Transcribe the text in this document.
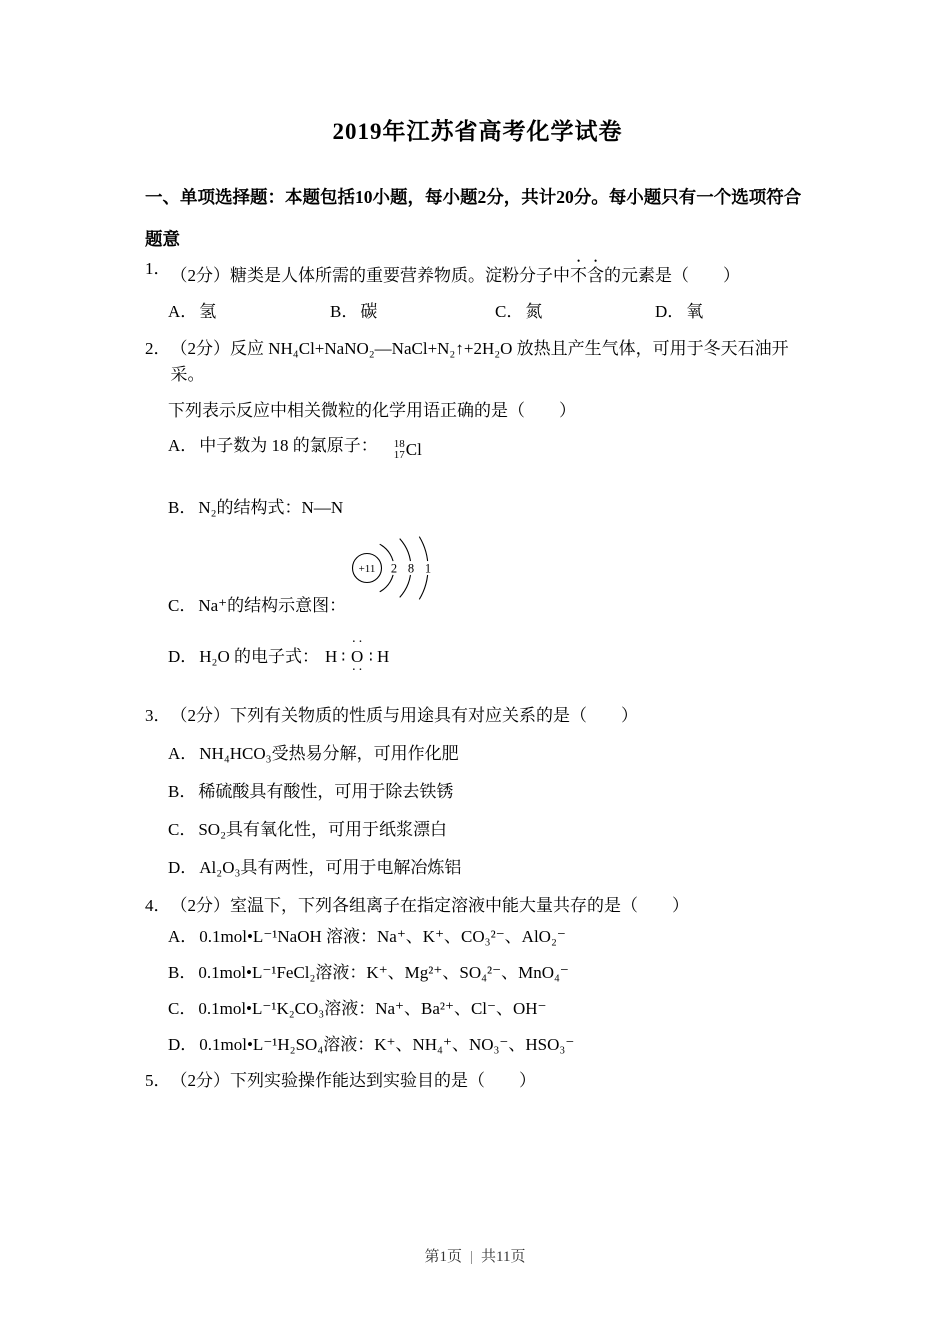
2019年江苏省高考化学试卷
一、单项选择题：本题包括10小题，每小题2分，共计20分。每小题只有一个选项符合
题意
1． （2分）糖类是人体所需的重要营养物质。淀粉分子中不含的元素是（　　）
A． 氢	B． 碳	C． 氮	D． 氧
2． （2分）反应 NH₄Cl+NaNO₂—NaCl+N₂↑+2H₂O 放热且产生气体，可用于冬天石油开采。
下列表示反应中相关微粒的化学用语正确的是（　　）
A． 中子数为 18 的氯原子： 18
17 Cl
B． N₂的结构式：N—N
C． Na⁺的结构示意图：
+11 2 8 1
D． H₂O 的电子式： H ∶
··
O
··
∶ H
3． （2分）下列有关物质的性质与用途具有对应关系的是（　　）
A． NH₄HCO₃受热易分解，可用作化肥
B． 稀硫酸具有酸性，可用于除去铁锈
C． SO₂具有氧化性，可用于纸浆漂白
D． Al₂O₃具有两性，可用于电解冶炼铝
4． （2分）室温下，下列各组离子在指定溶液中能大量共存的是（　　）
A． 0.1mol•L⁻¹NaOH 溶液：Na⁺、K⁺、CO₃²⁻、AlO₂⁻
B． 0.1mol•L⁻¹FeCl₂溶液：K⁺、Mg²⁺、SO₄²⁻、MnO₄⁻
C． 0.1mol•L⁻¹K₂CO₃溶液：Na⁺、Ba²⁺、Cl⁻、OH⁻
D． 0.1mol•L⁻¹H₂SO₄溶液：K⁺、NH₄⁺、NO₃⁻、HSO₃⁻
5． （2分）下列实验操作能达到实验目的是（　　）
第1页 | 共11页
